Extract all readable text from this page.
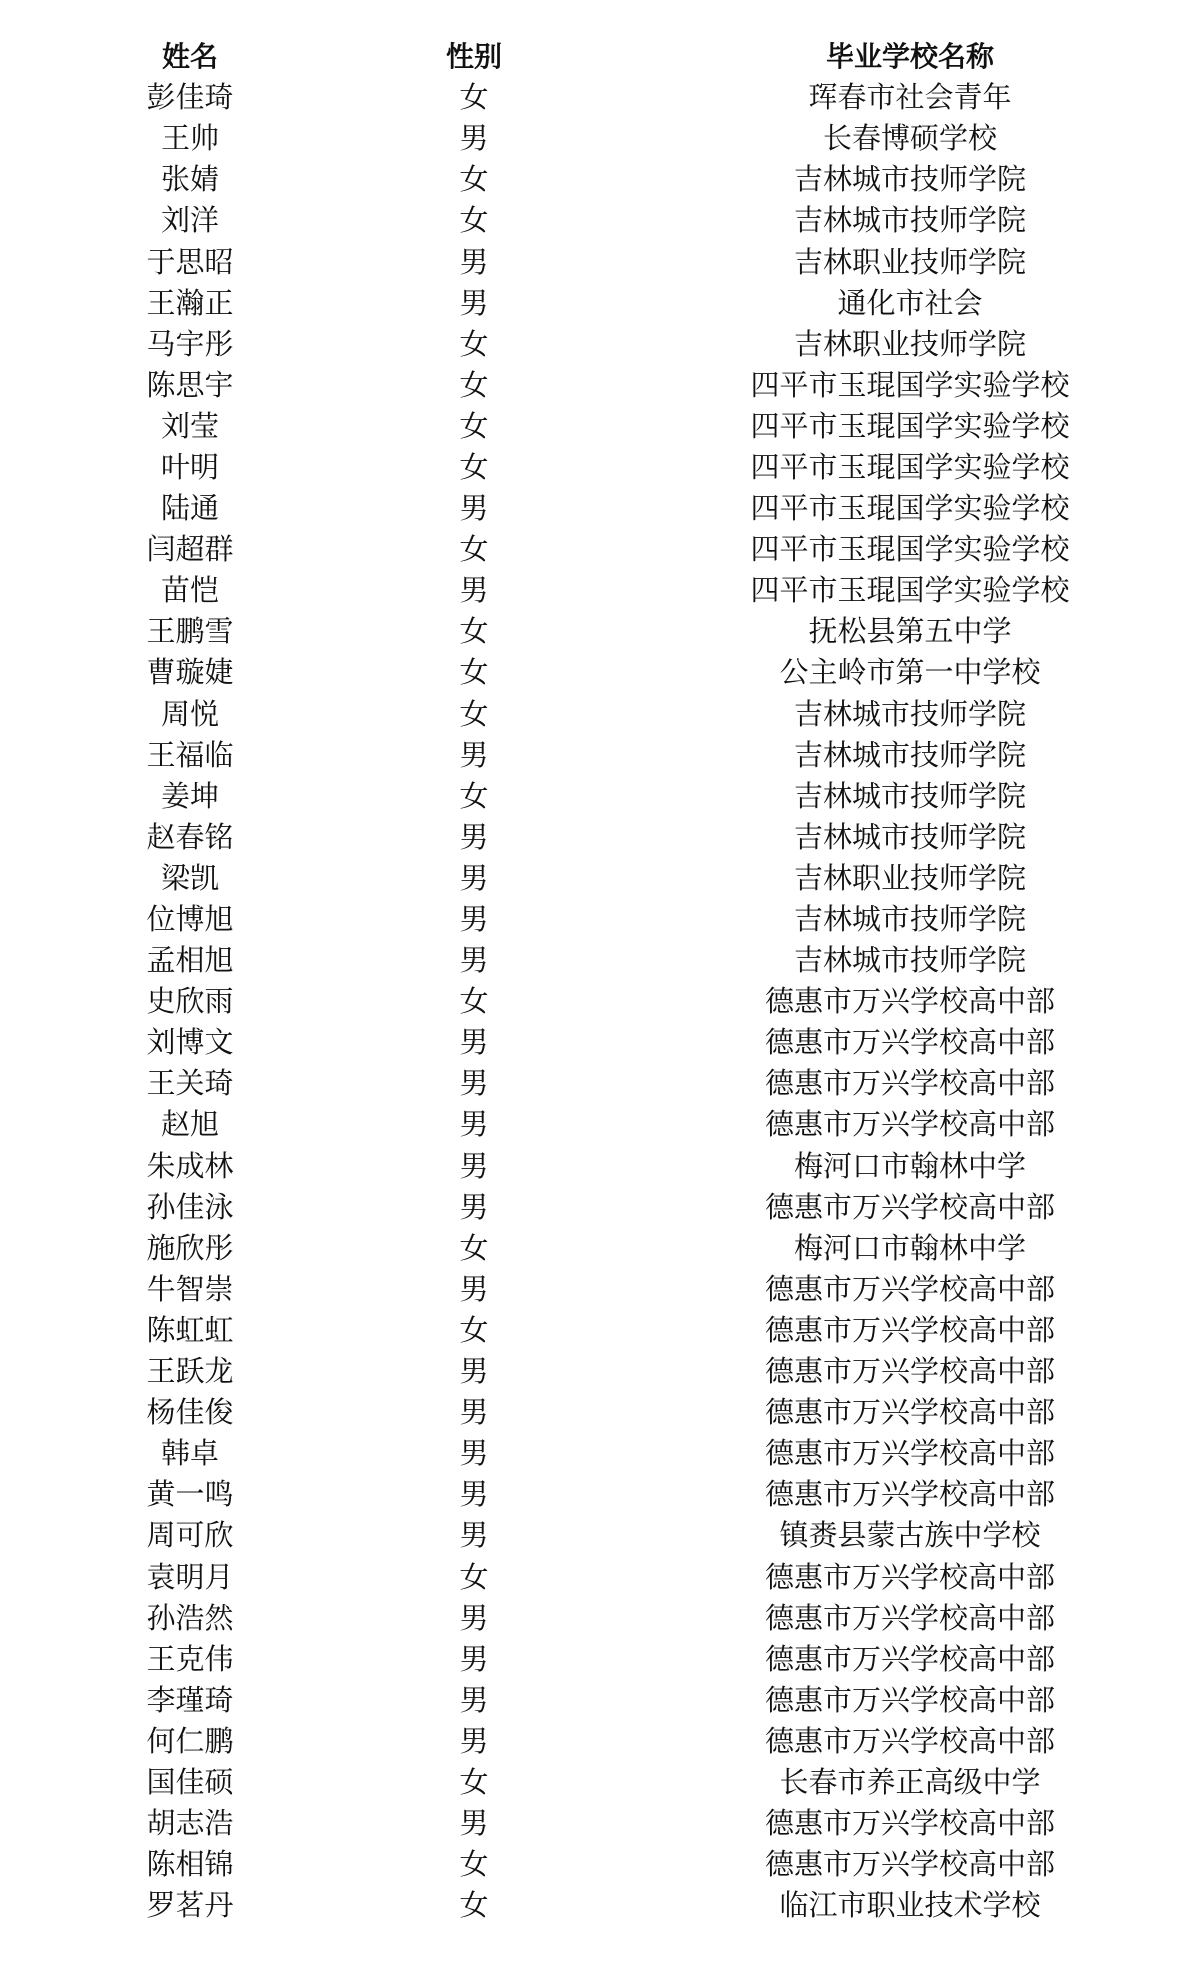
姓名	性别	毕业学校名称
彭佳琦	女	珲春市社会青年
王帅	男	长春博硕学校
张婧	女	吉林城市技师学院
刘洋	女	吉林城市技师学院
于思昭	男	吉林职业技师学院
王瀚正	男	通化市社会
马宇彤	女	吉林职业技师学院
陈思宇	女	四平市玉琨国学实验学校
刘莹	女	四平市玉琨国学实验学校
叶明	女	四平市玉琨国学实验学校
陆通	男	四平市玉琨国学实验学校
闫超群	女	四平市玉琨国学实验学校
苗恺	男	四平市玉琨国学实验学校
王鹏雪	女	抚松县第五中学
曹璇婕	女	公主岭市第一中学校
周悦	女	吉林城市技师学院
王福临	男	吉林城市技师学院
姜坤	女	吉林城市技师学院
赵春铭	男	吉林城市技师学院
梁凯	男	吉林职业技师学院
位博旭	男	吉林城市技师学院
孟相旭	男	吉林城市技师学院
史欣雨	女	德惠市万兴学校高中部
刘博文	男	德惠市万兴学校高中部
王关琦	男	德惠市万兴学校高中部
赵旭	男	德惠市万兴学校高中部
朱成林	男	梅河口市翰林中学
孙佳泳	男	德惠市万兴学校高中部
施欣彤	女	梅河口市翰林中学
牛智崇	男	德惠市万兴学校高中部
陈虹虹	女	德惠市万兴学校高中部
王跃龙	男	德惠市万兴学校高中部
杨佳俊	男	德惠市万兴学校高中部
韩卓	男	德惠市万兴学校高中部
黄一鸣	男	德惠市万兴学校高中部
周可欣	男	镇赉县蒙古族中学校
袁明月	女	德惠市万兴学校高中部
孙浩然	男	德惠市万兴学校高中部
王克伟	男	德惠市万兴学校高中部
李瑾琦	男	德惠市万兴学校高中部
何仁鹏	男	德惠市万兴学校高中部
国佳硕	女	长春市养正高级中学
胡志浩	男	德惠市万兴学校高中部
陈相锦	女	德惠市万兴学校高中部
罗茗丹	女	临江市职业技术学校
